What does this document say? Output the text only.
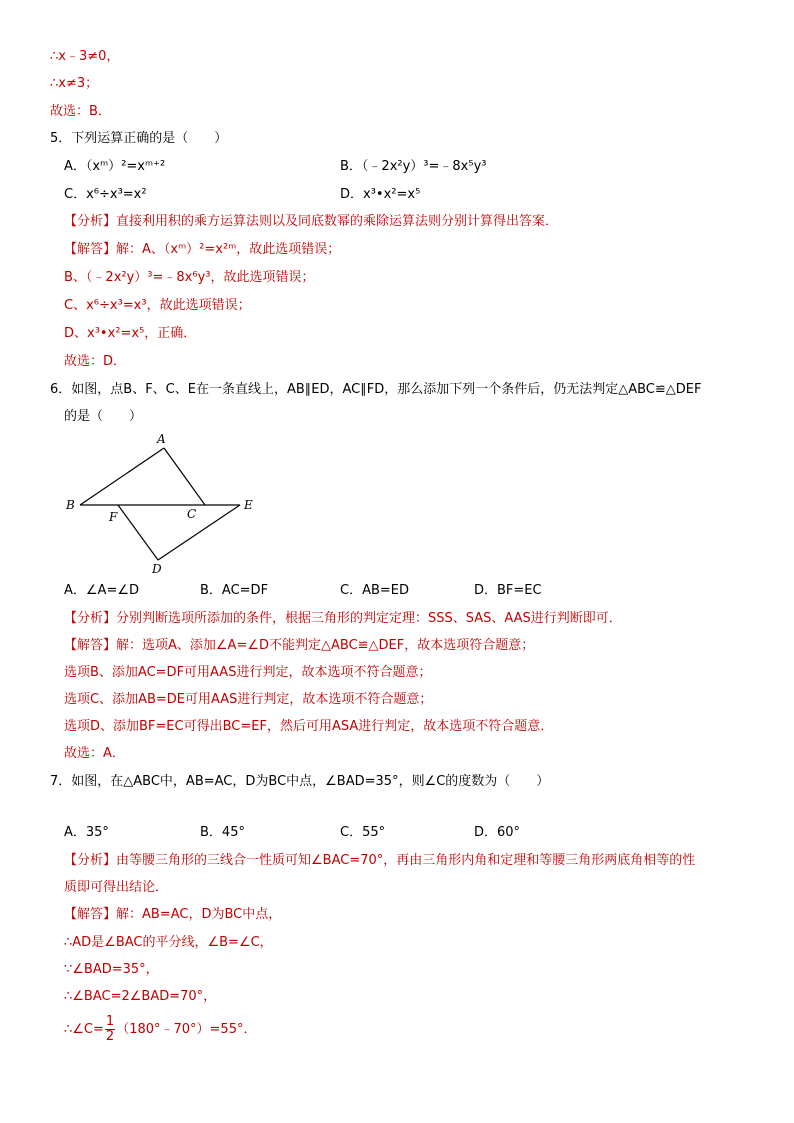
∴x﹣3≠0，
∴x≠3；
故选：B．
5．下列运算正确的是（　　）
A．（xᵐ）²=xᵐ⁺²	B．（﹣2x²y）³=﹣8x⁵y³
C．x⁶÷x³=x²	D．x³•x²=x⁵
【分析】直接利用积的乘方运算法则以及同底数幂的乘除运算法则分别计算得出答案．
【解答】解：A、（xᵐ）²=x²ᵐ，故此选项错误；
B、（﹣2x²y）³=﹣8x⁶y³，故此选项错误；
C、x⁶÷x³=x³，故此选项错误；
D、x³•x²=x⁵，正确．
故选：D．
6．如图，点B、F、C、E在一条直线上，AB∥ED，AC∥FD，那么添加下列一个条件后，仍无法判定△ABC≌△DEF
的是（　　）
A
B
F	C
E
D
A．∠A=∠D	B．AC=DF	C．AB=ED	D．BF=EC
【分析】分别判断选项所添加的条件，根据三角形的判定定理：SSS、SAS、AAS进行判断即可．
【解答】解：选项A、添加∠A=∠D不能判定△ABC≌△DEF，故本选项符合题意；
选项B、添加AC=DF可用AAS进行判定，故本选项不符合题意；
选项C、添加AB=DE可用AAS进行判定，故本选项不符合题意；
选项D、添加BF=EC可得出BC=EF，然后可用ASA进行判定，故本选项不符合题意．
故选：A．
7．如图，在△ABC中，AB=AC，D为BC中点，∠BAD=35°，则∠C的度数为（　　）
A．35°	B．45°	C．55°	D．60°
【分析】由等腰三角形的三线合一性质可知∠BAC=70°，再由三角形内角和定理和等腰三角形两底角相等的性
质即可得出结论．
【解答】解：AB=AC，D为BC中点，
∴AD是∠BAC的平分线，∠B=∠C，
∵∠BAD=35°，
∴∠BAC=2∠BAD=70°，
∴∠C= $\frac{1}{2}$ （180°﹣70°）=55°．
